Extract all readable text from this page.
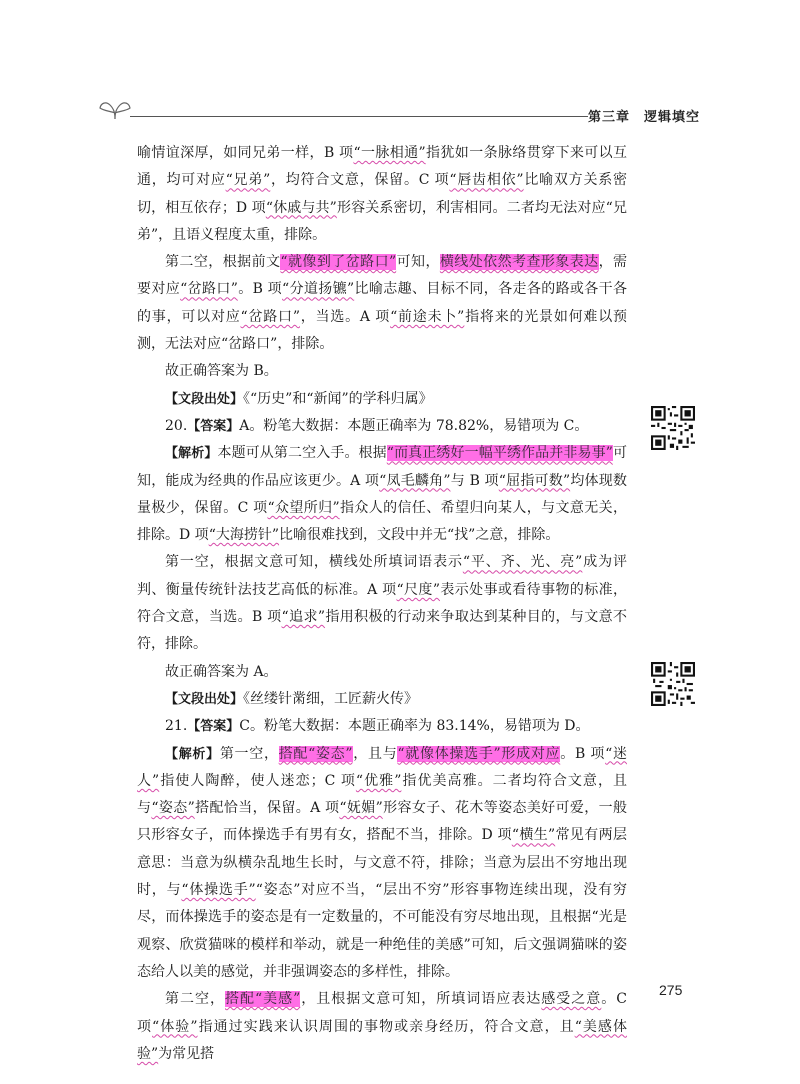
第三章 逻辑填空

喻情谊深厚，如同兄弟一样，B 项“一脉相通”指犹如一条脉络贯穿下来可以互通，均可对应“兄弟”，均符合文意，保留。C 项“唇齿相依”比喻双方关系密切，相互依存；D 项“休戚与共”形容关系密切，利害相同。二者均无法对应“兄弟”，且语义程度太重，排除。

第二空，根据前文“就像到了岔路口”可知，横线处依然考查形象表达，需要对应“岔路口”。B 项“分道扬镳”比喻志趣、目标不同，各走各的路或各干各的事，可以对应“岔路口”，当选。A 项“前途未卜”指将来的光景如何难以预测，无法对应“岔路口”，排除。

故正确答案为 B。

【文段出处】《“历史”和“新闻”的学科归属》

20.【答案】A。粉笔大数据：本题正确率为 78.82%，易错项为 C。

【解析】本题可从第二空入手。根据“而真正绣好一幅平绣作品并非易事”可知，能成为经典的作品应该更少。A 项“凤毛麟角”与 B 项“屈指可数”均体现数量极少，保留。C 项“众望所归”指众人的信任、希望归向某人，与文意无关，排除。D 项“大海捞针”比喻很难找到，文段中并无“找”之意，排除。

第一空，根据文意可知，横线处所填词语表示“平、齐、光、亮”成为评判、衡量传统针法技艺高低的标准。A 项“尺度”表示处事或看待事物的标准，符合文意，当选。B 项“追求”指用积极的行动来争取达到某种目的，与文意不符，排除。

故正确答案为 A。

【文段出处】《丝缕针黹细，工匠薪火传》

21.【答案】C。粉笔大数据：本题正确率为 83.14%，易错项为 D。

【解析】第一空，搭配“姿态”，且与“就像体操选手”形成对应。B 项“迷人”指使人陶醉，使人迷恋；C 项“优雅”指优美高雅。二者均符合文意，且与“姿态”搭配恰当，保留。A 项“妩媚”形容女子、花木等姿态美好可爱，一般只形容女子，而体操选手有男有女，搭配不当，排除。D 项“横生”常见有两层意思：当意为纵横杂乱地生长时，与文意不符，排除；当意为层出不穷地出现时，与“体操选手”“姿态”对应不当，“层出不穷”形容事物连续出现，没有穷尽，而体操选手的姿态是有一定数量的，不可能没有穷尽地出现，且根据“光是观察、欣赏猫咪的模样和举动，就是一种绝佳的美感”可知，后文强调猫咪的姿态给人以美的感觉，并非强调姿态的多样性，排除。

第二空，搭配“美感”，且根据文意可知，所填词语应表达感受之意。C 项“体验”指通过实践来认识周围的事物或亲身经历，符合文意，且“美感体验”为常见搭

275
